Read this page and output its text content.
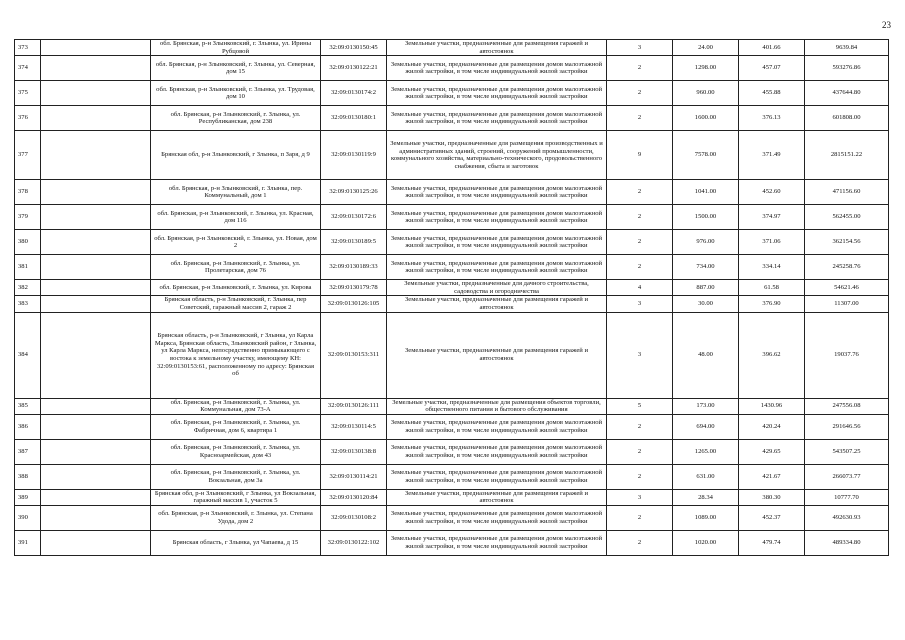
23
373		обл. Брянская, р-н Злынковский, г. Злынка, ул. Ирины Рубцовой	32:09:0130150:45	Земельные участки, предназначенные для размещения гаражей и автостоянок	3	24.00	401.66	9639.84
374		обл. Брянская, р-н Злынковский, г. Злынка, ул. Северная, дом 15	32:09:0130122:21	Земельные участки, предназначенные для размещения домов малоэтажной жилой застройки, в том числе индивидуальной жилой застройки	2	1298.00	457.07	593276.86
375		обл. Брянская, р-н Злынковский, г. Злынка, ул. Трудовая, дом 10	32:09:0130174:2	Земельные участки, предназначенные для размещения домов малоэтажной жилой застройки, в том числе индивидуальной жилой застройки	2	960.00	455.88	437644.80
376		обл. Брянская, р-н Злынковский, г. Злынка, ул. Республиканская, дом 238	32:09:0130180:1	Земельные участки, предназначенные для размещения домов малоэтажной жилой застройки, в том числе индивидуальной жилой застройки	2	1600.00	376.13	601808.00
377		Брянская обл, р-н Злынковский, г Злынка, п Заря, д 9	32:09:0130119:9	Земельные участки, предназначенные для размещения производственных и административных зданий, строений, сооружений промышленности, коммунального хозяйства, материально-технического, продовольственного снабжения, сбыта и заготовок	9	7578.00	371.49	2815151.22
378		обл. Брянская, р-н Злынковский, г. Злынка, пер. Коммунальный, дом 1	32:09:0130125:26	Земельные участки, предназначенные для размещения домов малоэтажной жилой застройки, в том числе индивидуальной жилой застройки	2	1041.00	452.60	471156.60
379		обл. Брянская, р-н Злынковский, г. Злынка, ул. Красная, дом 116	32:09:0130172:6	Земельные участки, предназначенные для размещения домов малоэтажной жилой застройки, в том числе индивидуальной жилой застройки	2	1500.00	374.97	562455.00
380		обл. Брянская, р-н Злынковский, г. Злынка, ул. Новая, дом 2	32:09:0130189:5	Земельные участки, предназначенные для размещения домов малоэтажной жилой застройки, в том числе индивидуальной жилой застройки	2	976.00	371.06	362154.56
381		обл. Брянская, р-н Злынковский, г. Злынка, ул. Пролетарская, дом 76	32:09:0130189:33	Земельные участки, предназначенные для размещения домов малоэтажной жилой застройки, в том числе индивидуальной жилой застройки	2	734.00	334.14	245258.76
382		обл. Брянская, р-н Злынковский, г. Злынка, ул. Кирова	32:09:0130179:78	Земельные участки, предназначенные для дачного строительства, садоводства и огородничества	4	887.00	61.58	54621.46
383		Брянская область, р-н Злынковский, г. Злынка, пер Советский, гаражный массив 2, гараж 2	32:09:0130126:105	Земельные участки, предназначенные для размещения гаражей и автостоянок	3	30.00	376.90	11307.00
384		Брянская область, р-н Злынковский, г Злынка, ул Карла Маркса, Брянская область, Злынковский район, г Злынка, ул Карла Маркса, непосредственно примыкающего с востока к земельному участку, имеющему КН: 32:09:0130153:61, расположенному по адресу: Брянская об	32:09:0130153:311	Земельные участки, предназначенные для размещения гаражей и автостоянок	3	48.00	396.62	19037.76
385		обл. Брянская, р-н Злынковский, г. Злынка, ул. Коммунальная, дом 73-А	32:09:0130126:111	Земельные участки, предназначенные для размещения объектов торговли, общественного питания и бытового обслуживания	5	173.00	1430.96	247556.08
386		обл. Брянская, р-н Злынковский, г. Злынка, ул. Фабричная, дом 6, квартира 1	32:09:0130114:5	Земельные участки, предназначенные для размещения домов малоэтажной жилой застройки, в том числе индивидуальной жилой застройки	2	694.00	420.24	291646.56
387		обл. Брянская, р-н Злынковский, г. Злынка, ул. Красноармейская, дом 43	32:09:0130138:8	Земельные участки, предназначенные для размещения домов малоэтажной жилой застройки, в том числе индивидуальной жилой застройки	2	1265.00	429.65	543507.25
388		обл. Брянская, р-н Злынковский, г. Злынка, ул. Вокзальная, дом 3а	32:09:0130114:21	Земельные участки, предназначенные для размещения домов малоэтажной жилой застройки, в том числе индивидуальной жилой застройки	2	631.00	421.67	266073.77
389		Брянская обл, р-н Злынковский, г Злынка, ул Вокзальная, гаражный массив 1, участок 5	32:09:0130120:84	Земельные участки, предназначенные для размещения гаражей и автостоянок	3	28.34	380.30	10777.70
390		обл. Брянская, р-н Злынковский, г. Злынка, ул. Степана Удода, дом 2	32:09:0130108:2	Земельные участки, предназначенные для размещения домов малоэтажной жилой застройки, в том числе индивидуальной жилой застройки	2	1089.00	452.37	492630.93
391		Брянская область, г Злынка, ул Чапаева, д 15	32:09:0130122:102	Земельные участки, предназначенные для размещения домов малоэтажной жилой застройки, в том числе индивидуальной жилой застройки	2	1020.00	479.74	489334.80
